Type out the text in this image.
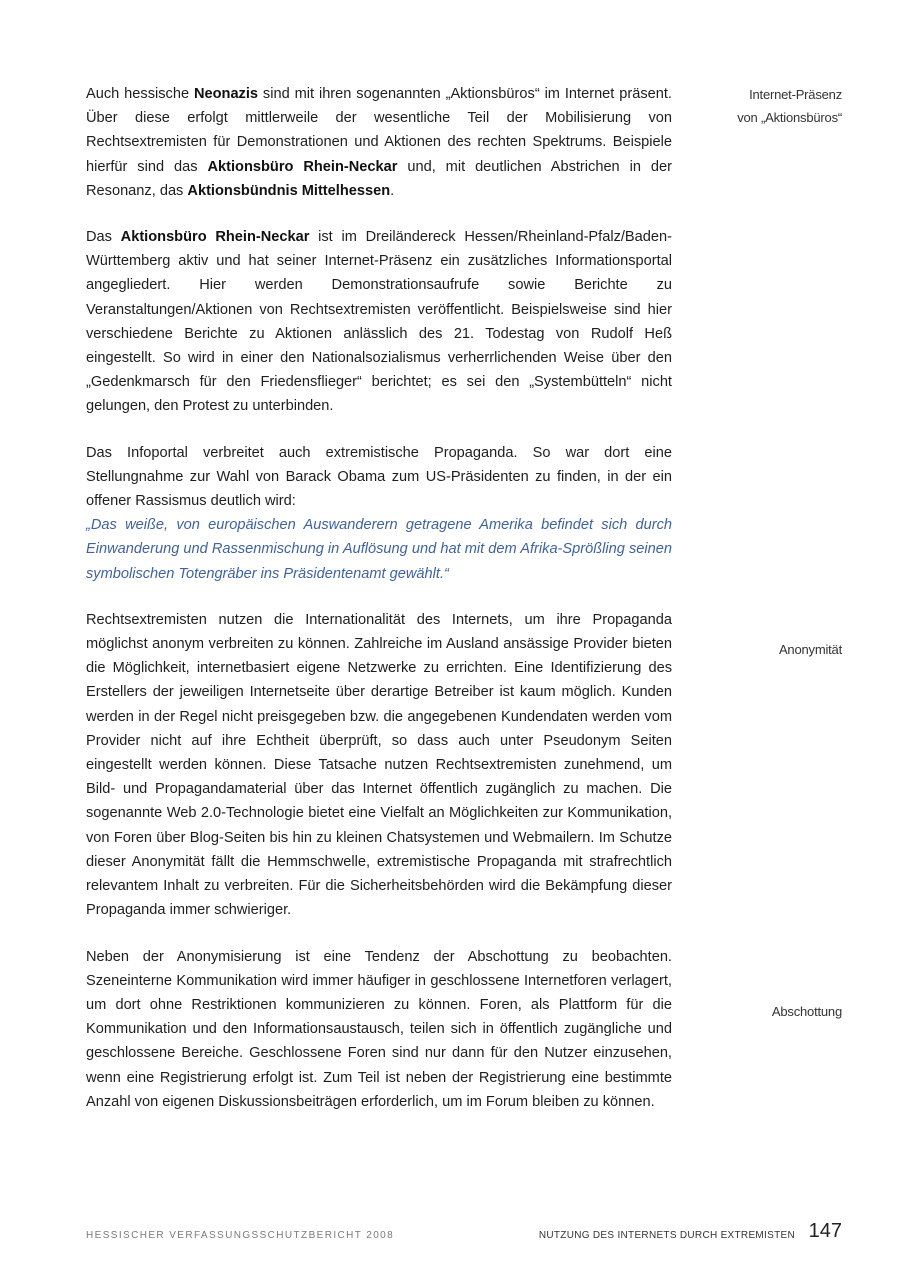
Auch hessische Neonazis sind mit ihren sogenannten „Aktionsbüros“ im Internet präsent. Über diese erfolgt mittlerweile der wesentliche Teil der Mobilisierung von Rechtsextremisten für Demonstrationen und Aktionen des rechten Spektrums. Beispiele hierfür sind das Aktionsbüro Rhein-Neckar und, mit deutlichen Abstrichen in der Resonanz, das Aktionsbündnis Mittelhessen.

Das Aktionsbüro Rhein-Neckar ist im Dreiländereck Hessen/Rheinland-Pfalz/Baden-Württemberg aktiv und hat seiner Internet-Präsenz ein zusätzliches Informationsportal angegliedert. Hier werden Demonstrationsaufrufe sowie Berichte zu Veranstaltungen/Aktionen von Rechtsextremisten veröffentlicht. Beispielsweise sind hier verschiedene Berichte zu Aktionen anlässlich des 21. Todestag von Rudolf Heß eingestellt. So wird in einer den Nationalsozialismus verherrlichenden Weise über den „Gedenkmarsch für den Friedensflieger“ berichtet; es sei den „Systembütteln“ nicht gelungen, den Protest zu unterbinden.

Das Infoportal verbreitet auch extremistische Propaganda. So war dort eine Stellungnahme zur Wahl von Barack Obama zum US-Präsidenten zu finden, in der ein offener Rassismus deutlich wird:
„Das weiße, von europäischen Auswanderern getragene Amerika befindet sich durch Einwanderung und Rassenmischung in Auflösung und hat mit dem Afrika-Sprößling seinen symbolischen Totengräber ins Präsidentenamt gewählt.“

Rechtsextremisten nutzen die Internationalität des Internets, um ihre Propaganda möglichst anonym verbreiten zu können. Zahlreiche im Ausland ansässige Provider bieten die Möglichkeit, internetbasiert eigene Netzwerke zu errichten. Eine Identifizierung des Erstellers der jeweiligen Internetseite über derartige Betreiber ist kaum möglich. Kunden werden in der Regel nicht preisgegeben bzw. die angegebenen Kundendaten werden vom Provider nicht auf ihre Echtheit überprüft, so dass auch unter Pseudonym Seiten eingestellt werden können. Diese Tatsache nutzen Rechtsextremisten zunehmend, um Bild- und Propagandamaterial über das Internet öffentlich zugänglich zu machen. Die sogenannte Web 2.0-Technologie bietet eine Vielfalt an Möglichkeiten zur Kommunikation, von Foren über Blog-Seiten bis hin zu kleinen Chatsystemen und Webmailern. Im Schutze dieser Anonymität fällt die Hemmschwelle, extremistische Propaganda mit strafrechtlich relevantem Inhalt zu verbreiten. Für die Sicherheitsbehörden wird die Bekämpfung dieser Propaganda immer schwieriger.

Neben der Anonymisierung ist eine Tendenz der Abschottung zu beobachten. Szeneinterne Kommunikation wird immer häufiger in geschlossene Internetforen verlagert, um dort ohne Restriktionen kommunizieren zu können. Foren, als Plattform für die Kommunikation und den Informationsaustausch, teilen sich in öffentlich zugängliche und geschlossene Bereiche. Geschlossene Foren sind nur dann für den Nutzer einzusehen, wenn eine Registrierung erfolgt ist. Zum Teil ist neben der Registrierung eine bestimmte Anzahl von eigenen Diskussionsbeiträgen erforderlich, um im Forum bleiben zu können.

Internet-Präsenz
von „Aktionsbüros“
Anonymität
Abschottung
HESSISCHER VERFASSUNGSSCHUTZBERICHT 2008	NUTZUNG DES INTERNETS DURCH EXTREMISTEN 147
